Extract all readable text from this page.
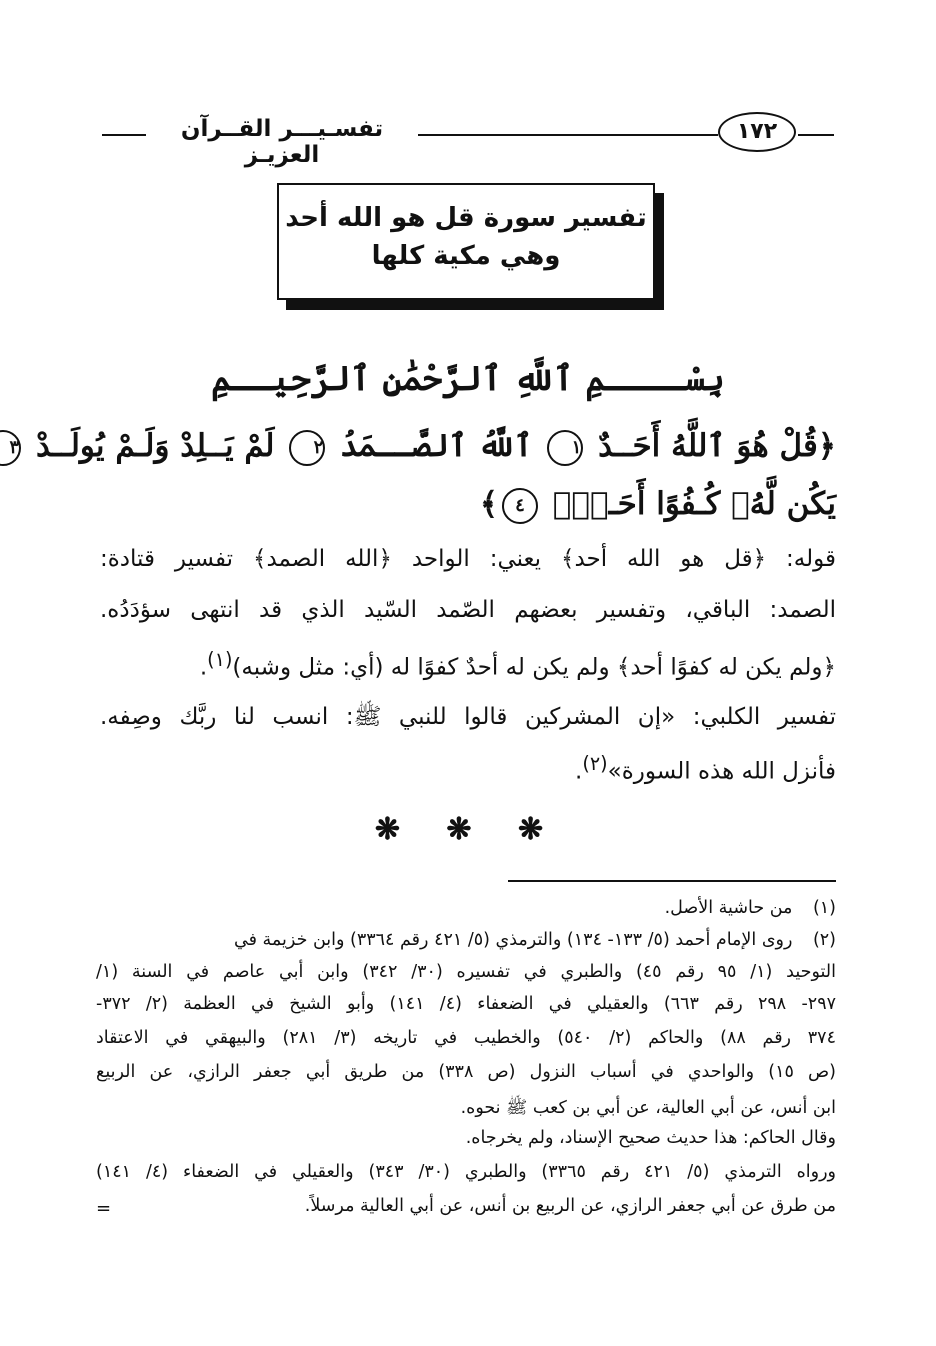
تفسـيـــر القــرآن العزيـز
١٧٢
تفسير سورة قل هو الله أحد
وهي مكية كلها
بِسْــــمِ ٱللَّهِ ٱلرَّحْمَٰنِ ٱلرَّحِيــمِ
﴿قُلْ هُوَ ٱللَّهُ أَحَــدٌ ١ ٱللَّهُ ٱلصَّــمَدُ ٢ لَمْ يَــلِدْ وَلَـمْ يُولَــدْ ٣
يَكُن لَّهُۥ كُـفُوًا أَحَـدٌۢ ٤﴾
قوله: ﴿قل هو الله أحد﴾ يعني: الواحد ﴿الله الصمد﴾ تفسير قتادة:
الصمد: الباقي، وتفسير بعضهم الصّمد السّيد الذي قد انتهى سؤدَدُه.
﴿ولم يكن له كفوًا أحد﴾ ولم يكن له أحدٌ كفوًا له (أي: مثل وشبه)$^{(١)}$.
تفسير الكلبي: «إن المشركين قالوا للنبي ﷺ: انسب لنا ربَّك وصِفه.
فأنزل الله هذه السورة»$^{(٢)}$.
❋ ❋ ❋
(١) من حاشية الأصل.
(٢) روى الإمام أحمد (٥/ ١٣٣- ١٣٤) والترمذي (٥/ ٤٢١ رقم ٣٣٦٤) وابن خزيمة في
التوحيد (١/ ٩٥ رقم ٤٥) والطبري في تفسيره (٣٠/ ٣٤٢) وابن أبي عاصم في السنة (١/
٢٩٧- ٢٩٨ رقم ٦٦٣) والعقيلي في الضعفاء (٤/ ١٤١) وأبو الشيخ في العظمة (٢/ ٣٧٢-
٣٧٤ رقم ٨٨) والحاكم (٢/ ٥٤٠) والخطيب في تاريخه (٣/ ٢٨١) والبيهقي في الاعتقاد
(ص ١٥) والواحدي في أسباب النزول (ص ٣٣٨) من طريق أبي جعفر الرازي، عن الربيع
ابن أنس، عن أبي العالية، عن أبي بن كعب ﷺ نحوه.
وقال الحاكم: هذا حديث صحيح الإسناد، ولم يخرجاه.
ورواه الترمذي (٥/ ٤٢١ رقم ٣٣٦٥) والطبري (٣٠/ ٣٤٣) والعقيلي في الضعفاء (٤/ ١٤١)
من طرق عن أبي جعفر الرازي، عن الربيع بن أنس، عن أبي العالية مرسلاً.
=
